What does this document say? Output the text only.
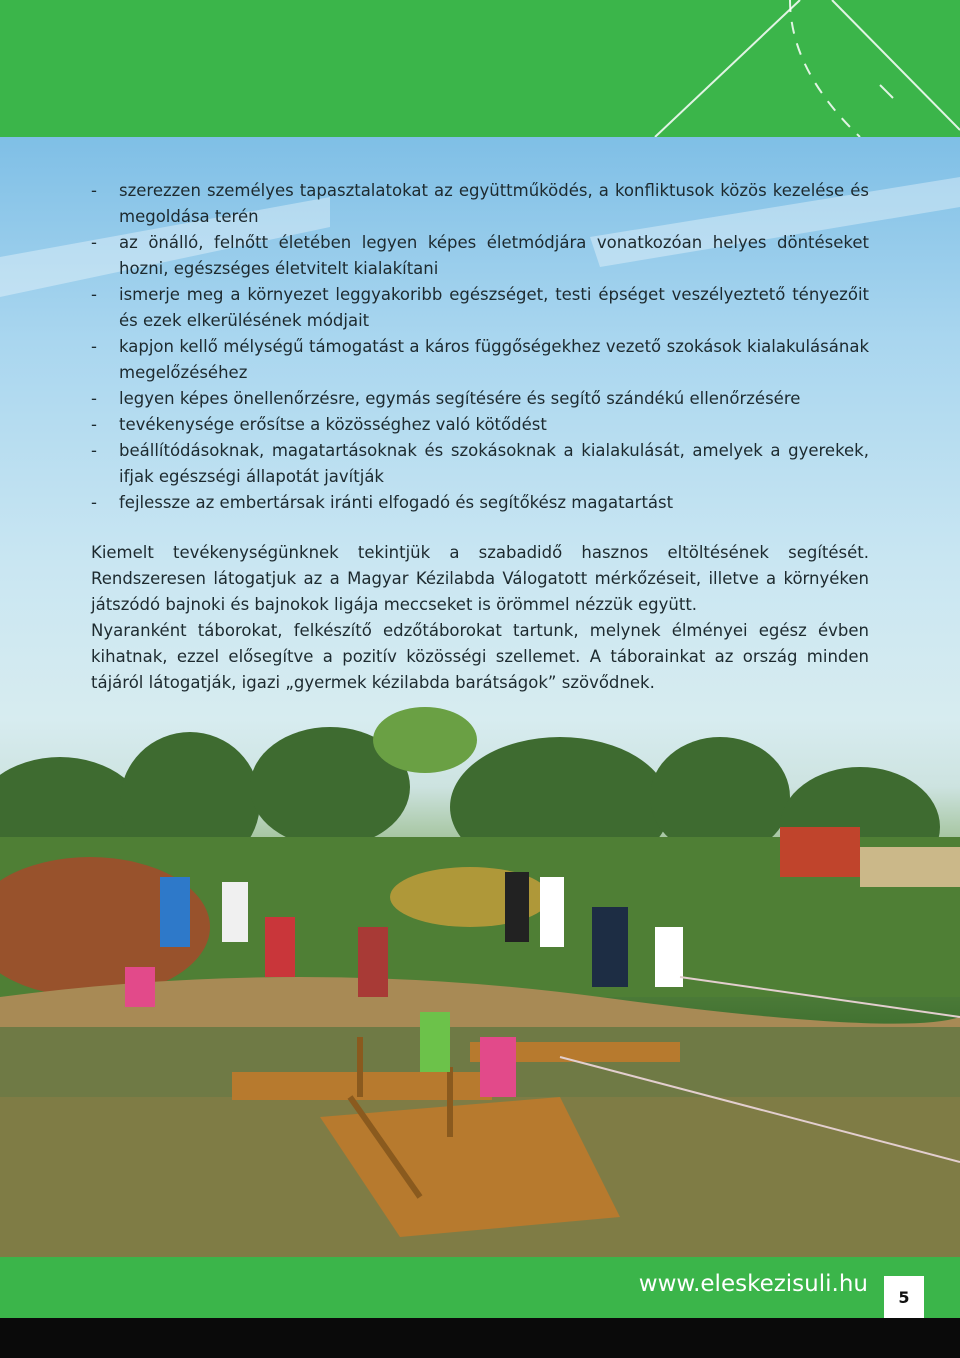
- szerezzen személyes tapasztalatokat az együttműködés, a konfliktusok közös kezelése és megoldása terén
- az önálló, felnőtt életében legyen képes életmódjára vonatkozóan helyes döntéseket hozni, egészséges életvitelt kialakítani
- ismerje meg a környezet leggyakoribb egészséget, testi épséget veszélyeztető tényezőit és ezek elkerülésének módjait
- kapjon kellő mélységű támogatást a káros függőségekhez vezető szokások kialakulásának megelőzéséhez
- legyen képes önellenőrzésre, egymás segítésére és segítő szándékú ellenőrzésére
- tevékenysége erősítse a közösséghez való kötődést
- beállítódásoknak, magatartásoknak és szokásoknak a kialakulását, amelyek a gyerekek, ifjak egészségi állapotát javítják
- fejlessze az embertársak iránti elfogadó és segítőkész magatartást

Kiemelt tevékenységünknek tekintjük a szabadidő hasznos eltöltésének segítését. Rendszeresen látogatjuk az a Magyar Kézilabda Válogatott mérkőzéseit, illetve a környéken játszódó bajnoki és bajnokok ligája meccseket is örömmel nézzük együtt.

Nyaranként táborokat, felkészítő edzőtáborokat tartunk, melynek élményei egész évben kihatnak, ezzel elősegítve a pozitív közösségi szellemet. A táborainkat az ország minden tájáról látogatják, igazi „gyermek kézilabda barátságok” szövődnek.

www.eleskezisuli.hu	5
